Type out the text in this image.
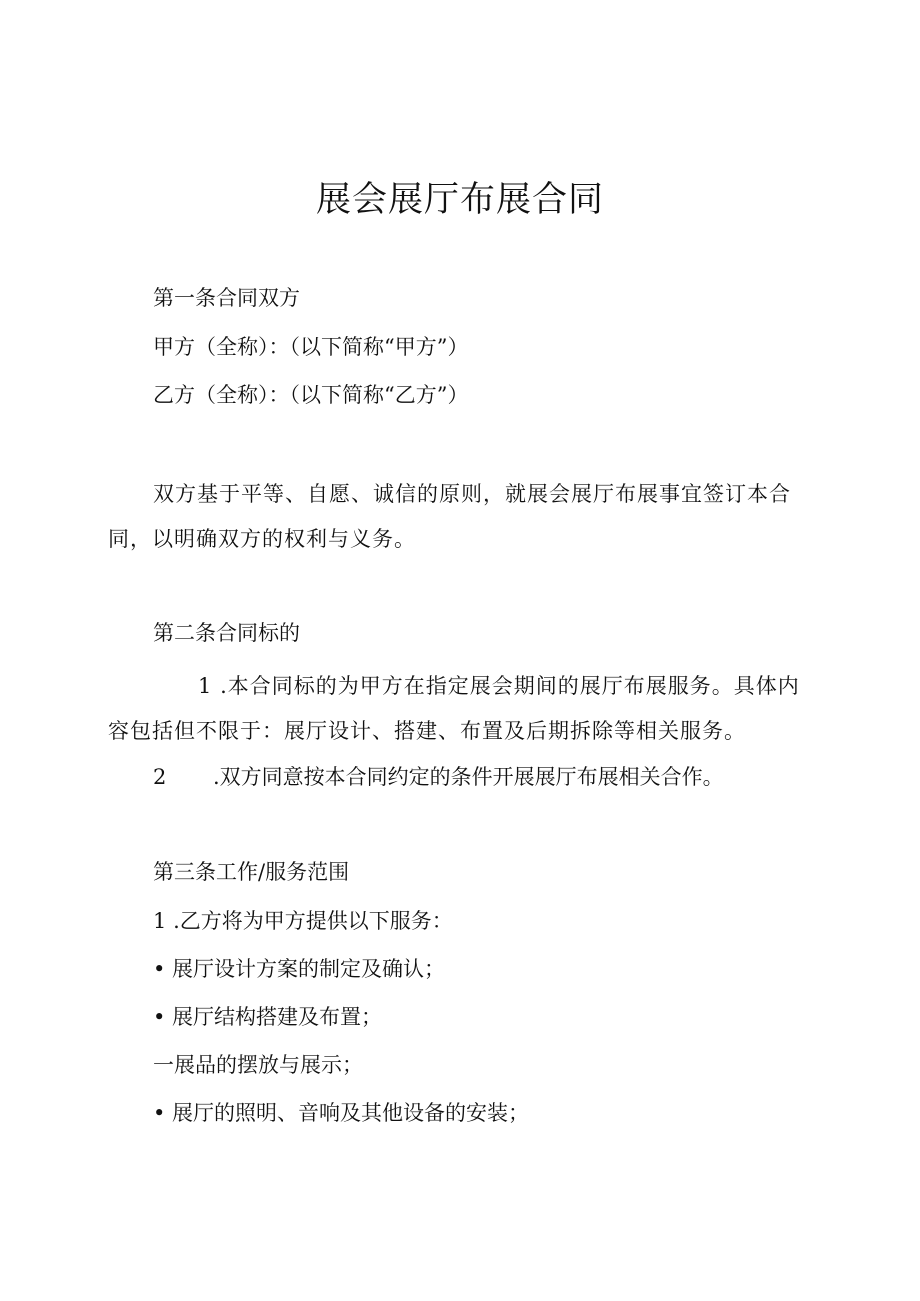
展会展厅布展合同

第一条合同双方

甲方（全称）：（以下简称“甲方”）

乙方（全称）：（以下简称“乙方”）

双方基于平等、自愿、诚信的原则，就展会展厅布展事宜签订本合同，以明确双方的权利与义务。

第二条合同标的

1 .本合同标的为甲方在指定展会期间的展厅布展服务。具体内容包括但不限于：展厅设计、搭建、布置及后期拆除等相关服务。

2 .双方同意按本合同约定的条件开展展厅布展相关合作。

第三条工作/服务范围

1 .乙方将为甲方提供以下服务：

• 展厅设计方案的制定及确认；

• 展厅结构搭建及布置；

一展品的摆放与展示；

• 展厅的照明、音响及其他设备的安装；
